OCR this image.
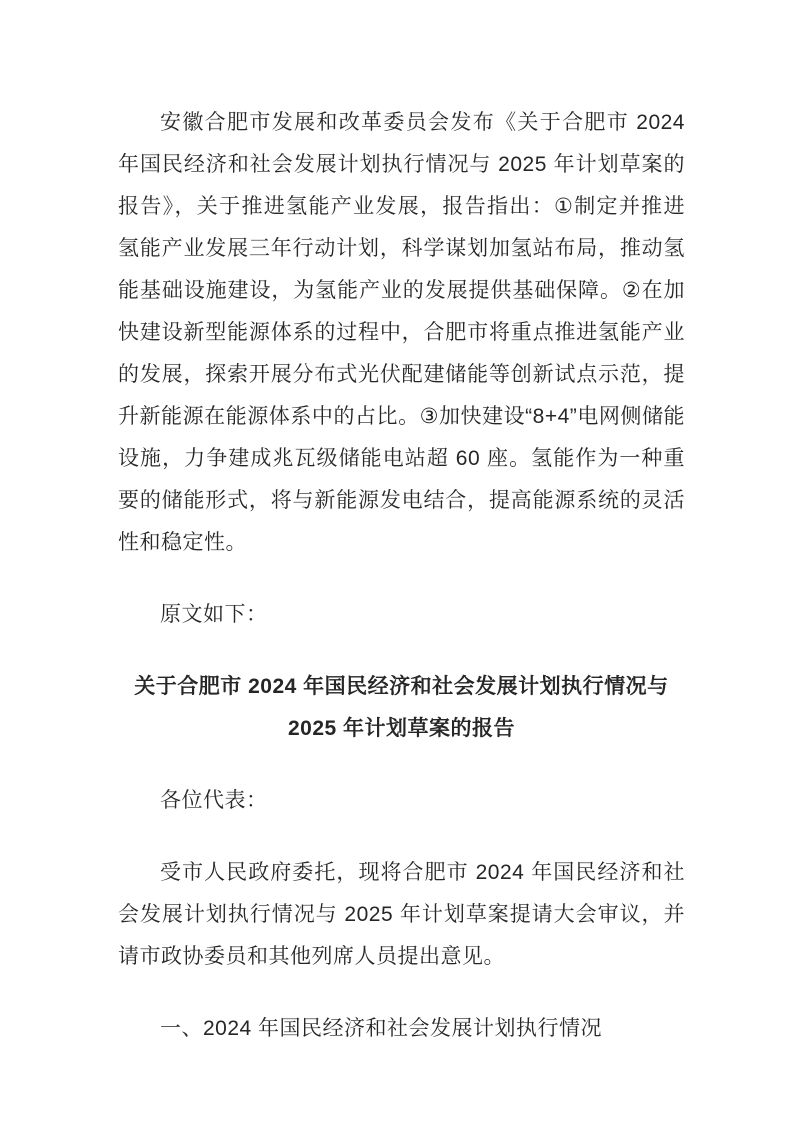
安徽合肥市发展和改革委员会发布《关于合肥市 2024 年国民经济和社会发展计划执行情况与 2025 年计划草案的报告》，关于推进氢能产业发展，报告指出：①制定并推进氢能产业发展三年行动计划，科学谋划加氢站布局，推动氢能基础设施建设，为氢能产业的发展提供基础保障。②在加快建设新型能源体系的过程中，合肥市将重点推进氢能产业的发展，探索开展分布式光伏配建储能等创新试点示范，提升新能源在能源体系中的占比。③加快建设“8+4”电网侧储能设施，力争建成兆瓦级储能电站超 60 座。氢能作为一种重要的储能形式，将与新能源发电结合，提高能源系统的灵活性和稳定性。

原文如下：

关于合肥市 2024 年国民经济和社会发展计划执行情况与 2025 年计划草案的报告

各位代表：

受市人民政府委托，现将合肥市 2024 年国民经济和社会发展计划执行情况与 2025 年计划草案提请大会审议，并请市政协委员和其他列席人员提出意见。

一、2024 年国民经济和社会发展计划执行情况
